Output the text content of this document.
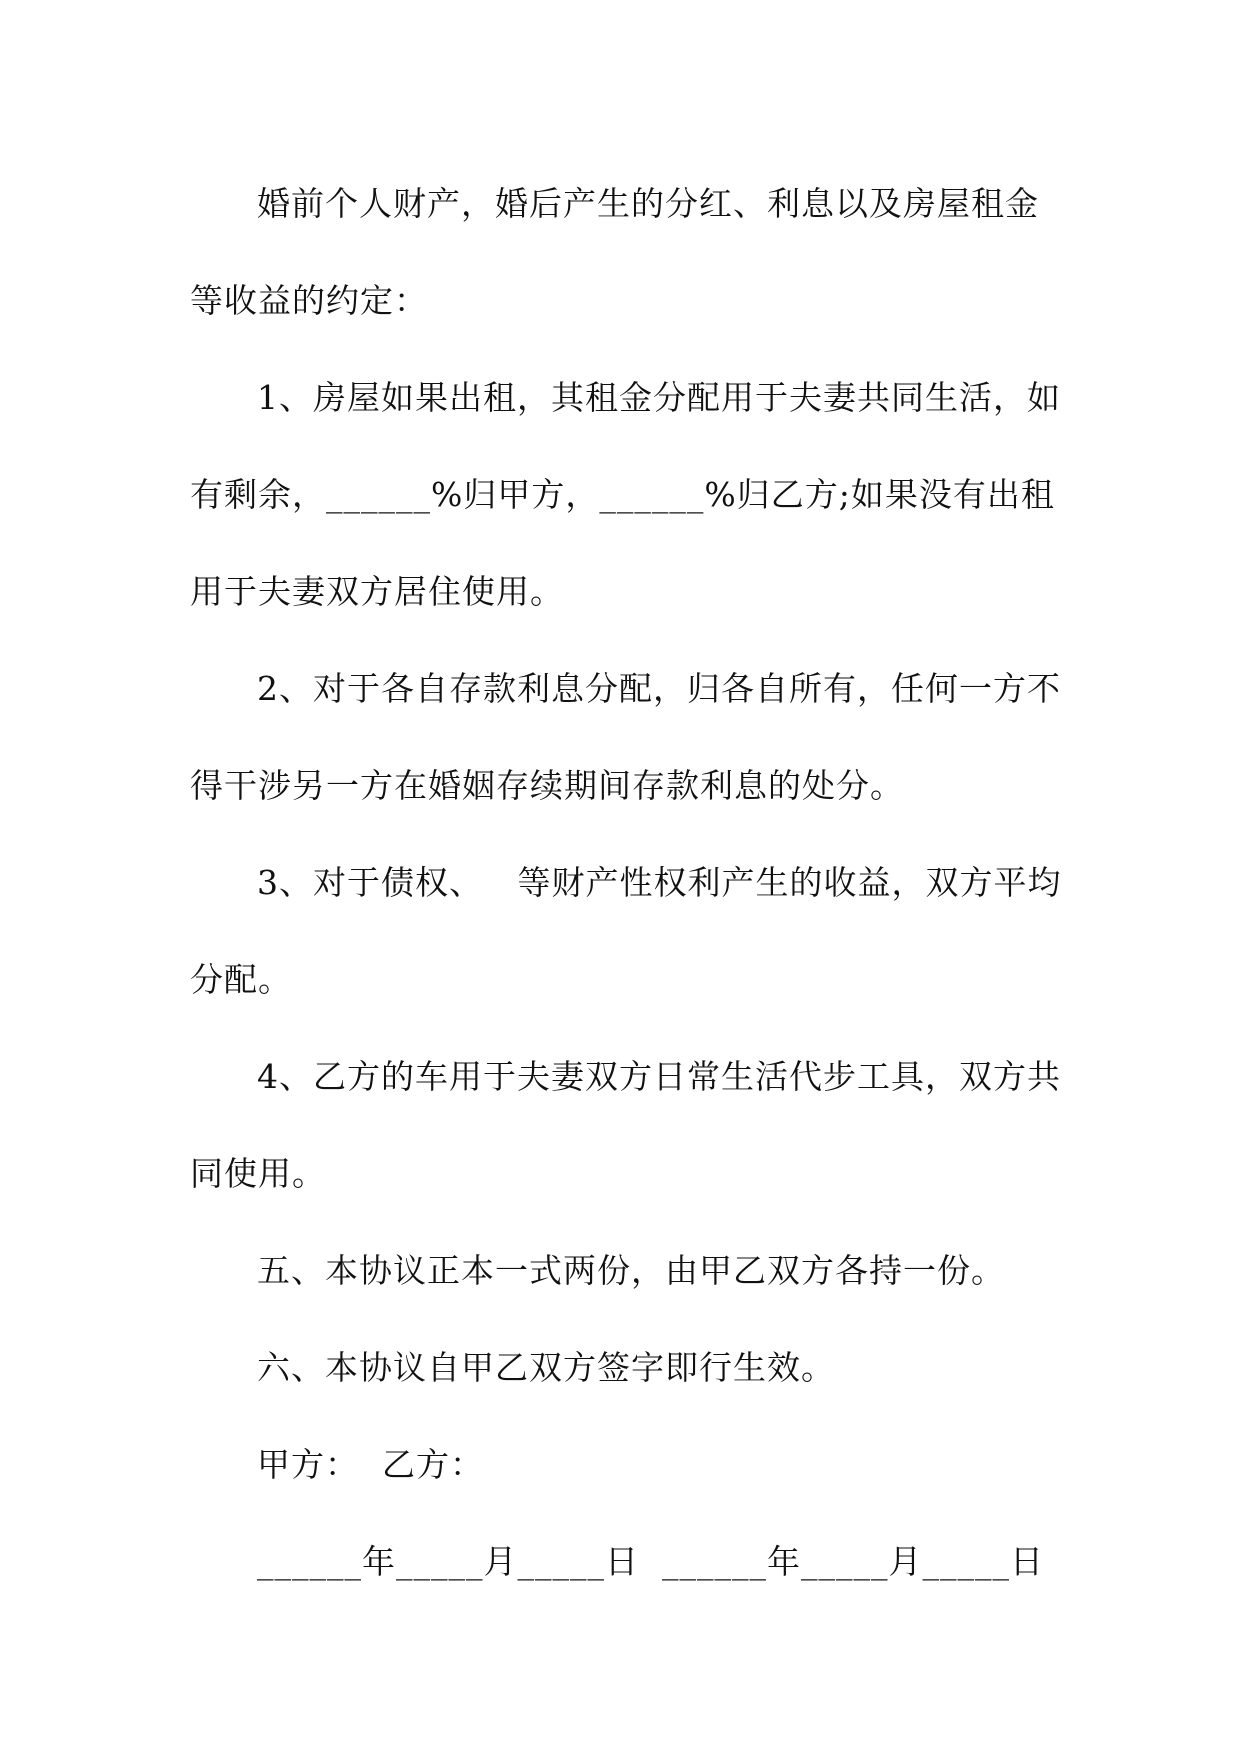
婚前个人财产，婚后产生的分红、利息以及房屋租金
等收益的约定：
1、房屋如果出租，其租金分配用于夫妻共同生活，如
有剩余，______%归甲方，______%归乙方;如果没有出租
用于夫妻双方居住使用。
2、对于各自存款利息分配，归各自所有，任何一方不
得干涉另一方在婚姻存续期间存款利息的处分。
3、对于债权、   等财产性权利产生的收益，双方平均
分配。
4、乙方的车用于夫妻双方日常生活代步工具，双方共
同使用。
五、本协议正本一式两份，由甲乙双方各持一份。
六、本协议自甲乙双方签字即行生效。
甲方：  乙方：
______年_____月_____日  ______年_____月_____日
